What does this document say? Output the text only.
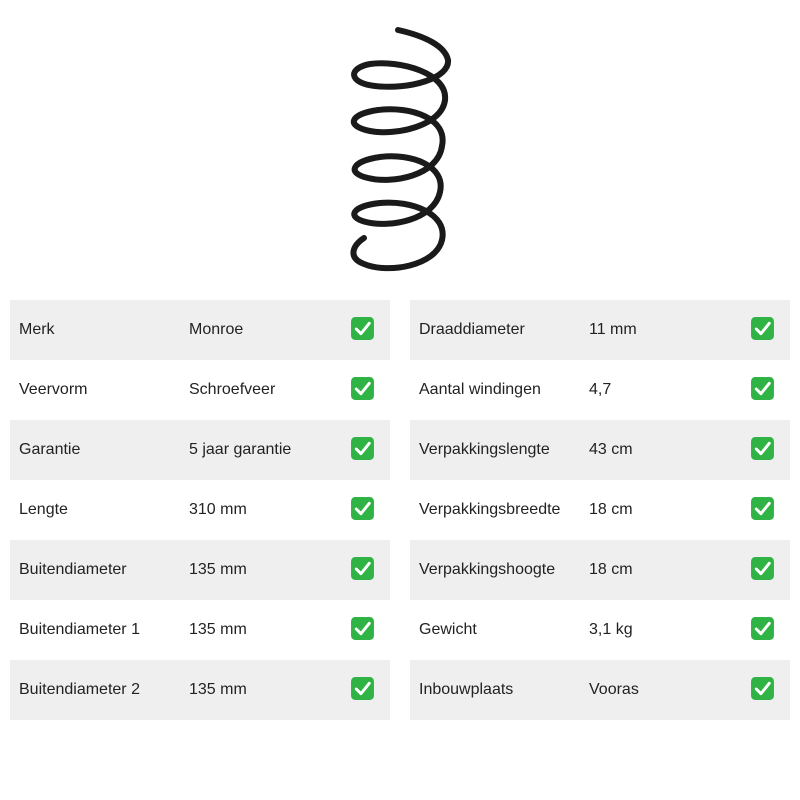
Merk	Monroe
Veervorm	Schroefveer
Garantie	5 jaar garantie
Lengte	310 mm
Buitendiameter	135 mm
Buitendiameter 1	135 mm
Buitendiameter 2	135 mm
Draaddiameter	11 mm
Aantal windingen	4,7
Verpakkingslengte 43 cm
Verpakkingsbreedte 18 cm
Verpakkingshoogte 18 cm
Gewicht	3,1 kg
Inbouwplaats	Vooras
